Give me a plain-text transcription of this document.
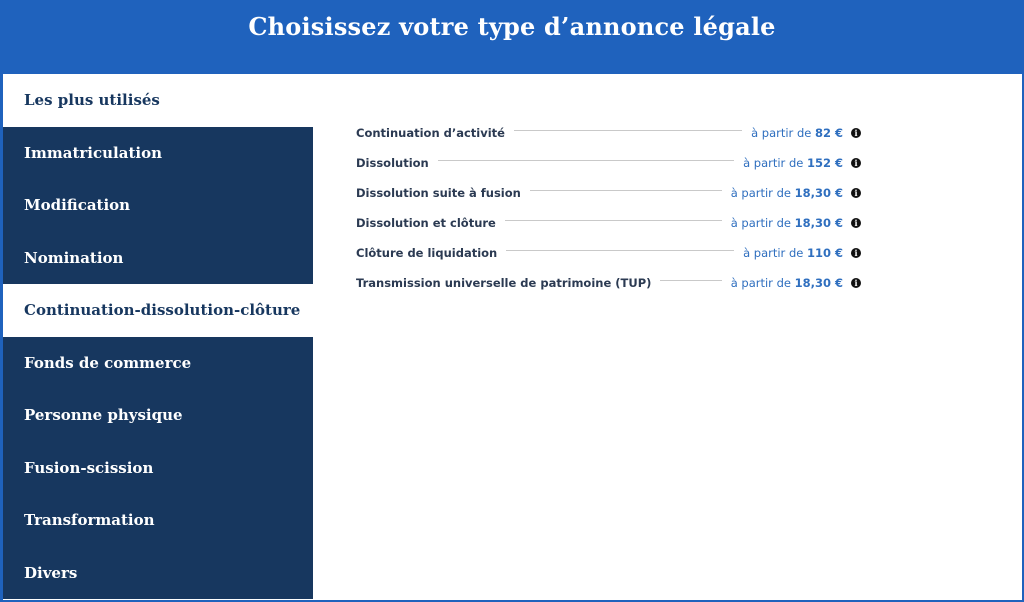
Choisissez votre type d’annonce légale
Les plus utilisés
Immatriculation
Modification
Nomination
Continuation-dissolution-clôture
Fonds de commerce
Personne physique
Fusion-scission
Transformation
Divers
Continuation d’activité	à partir de 82 €	i
Dissolution	à partir de 152 €	i
Dissolution suite à fusion	à partir de 18,30 €	i
Dissolution et clôture	à partir de 18,30 €	i
Clôture de liquidation	à partir de 110 €	i
Transmission universelle de patrimoine (TUP)	à partir de 18,30 €	i
